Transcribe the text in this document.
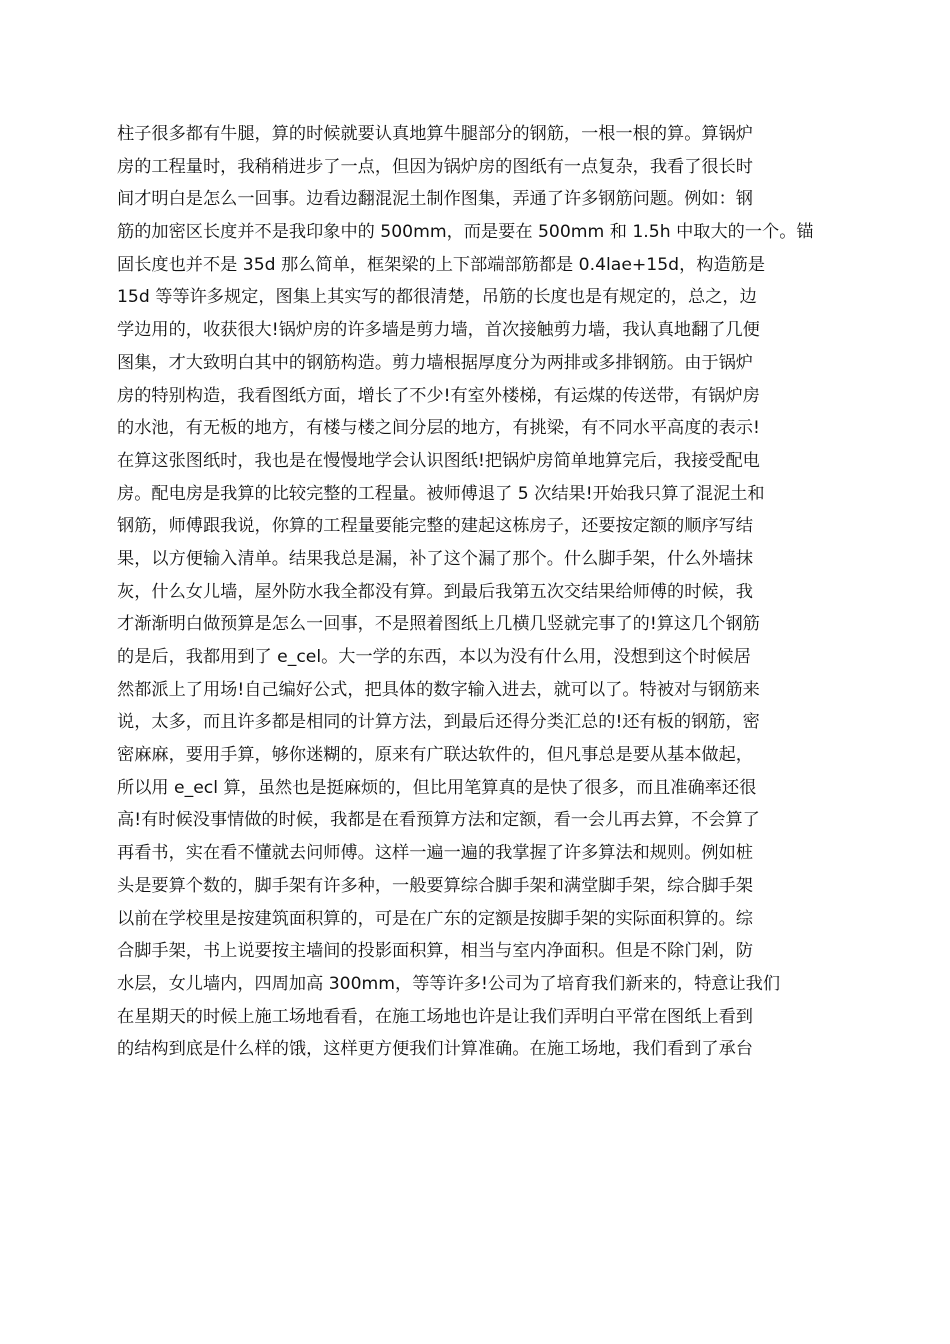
柱子很多都有牛腿，算的时候就要认真地算牛腿部分的钢筋，一根一根的算。算锅炉
房的工程量时，我稍稍进步了一点，但因为锅炉房的图纸有一点复杂，我看了很长时
间才明白是怎么一回事。边看边翻混泥土制作图集，弄通了许多钢筋问题。例如：钢
筋的加密区长度并不是我印象中的 500mm，而是要在 500mm 和 1.5h 中取大的一个。锚
固长度也并不是 35d 那么简单，框架梁的上下部端部筋都是 0.4lae+15d，构造筋是
15d 等等许多规定，图集上其实写的都很清楚，吊筋的长度也是有规定的，总之，边
学边用的，收获很大!锅炉房的许多墙是剪力墙，首次接触剪力墙，我认真地翻了几便
图集，才大致明白其中的钢筋构造。剪力墙根据厚度分为两排或多排钢筋。由于锅炉
房的特别构造，我看图纸方面，增长了不少!有室外楼梯，有运煤的传送带，有锅炉房
的水池，有无板的地方，有楼与楼之间分层的地方，有挑梁，有不同水平高度的表示!
在算这张图纸时，我也是在慢慢地学会认识图纸!把锅炉房简单地算完后，我接受配电
房。配电房是我算的比较完整的工程量。被师傅退了 5 次结果!开始我只算了混泥土和
钢筋，师傅跟我说，你算的工程量要能完整的建起这栋房子，还要按定额的顺序写结
果，以方便输入清单。结果我总是漏，补了这个漏了那个。什么脚手架，什么外墙抹
灰，什么女儿墙，屋外防水我全都没有算。到最后我第五次交结果给师傅的时候，我
才渐渐明白做预算是怎么一回事，不是照着图纸上几横几竖就完事了的!算这几个钢筋
的是后，我都用到了 e_cel。大一学的东西，本以为没有什么用，没想到这个时候居
然都派上了用场!自己编好公式，把具体的数字输入进去，就可以了。特被对与钢筋来
说，太多，而且许多都是相同的计算方法，到最后还得分类汇总的!还有板的钢筋，密
密麻麻，要用手算，够你迷糊的，原来有广联达软件的，但凡事总是要从基本做起，
所以用 e_ecl 算，虽然也是挺麻烦的，但比用笔算真的是快了很多，而且准确率还很
高!有时候没事情做的时候，我都是在看预算方法和定额，看一会儿再去算，不会算了
再看书，实在看不懂就去问师傅。这样一遍一遍的我掌握了许多算法和规则。例如桩
头是要算个数的，脚手架有许多种，一般要算综合脚手架和满堂脚手架，综合脚手架
以前在学校里是按建筑面积算的，可是在广东的定额是按脚手架的实际面积算的。综
合脚手架，书上说要按主墙间的投影面积算，相当与室内净面积。但是不除门剁，防
水层，女儿墙内，四周加高 300mm，等等许多!公司为了培育我们新来的，特意让我们
在星期天的时候上施工场地看看，在施工场地也许是让我们弄明白平常在图纸上看到
的结构到底是什么样的饿，这样更方便我们计算准确。在施工场地，我们看到了承台
